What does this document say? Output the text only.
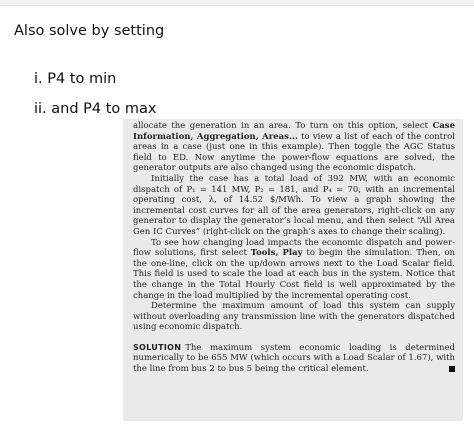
Also solve by setting

i. P4 to min

ii. and P4 to max

allocate the generation in an area. To turn on this option, select Case Information, Aggregation, Areas... to view a list of each of the control areas in a case (just one in this example). Then toggle the AGC Status field to ED. Now anytime the power-flow equations are solved, the generator outputs are also changed using the economic dispatch.

Initially the case has a total load of 392 MW, with an economic dispatch of P₁ = 141 MW, P₂ = 181, and P₄ = 70, with an incremental operating cost, λ, of 14.52 $/MWh. To view a graph showing the incremental cost curves for all of the area generators, right-click on any generator to display the generator’s local menu, and then select “All Area Gen IC Curves” (right-click on the graph’s axes to change their scaling).

To see how changing load impacts the economic dispatch and power-flow solutions, first select Tools, Play to begin the simulation. Then, on the one-line, click on the up/down arrows next to the Load Scalar field. This field is used to scale the load at each bus in the system. Notice that the change in the Total Hourly Cost field is well approximated by the change in the load multiplied by the incremental operating cost.

Determine the maximum amount of load this system can supply without overloading any transmission line with the generators dispatched using economic dispatch.

SOLUTION The maximum system economic loading is determined numerically to be 655 MW (which occurs with a Load Scalar of 1.67), with the line from bus 2 to bus 5 being the critical element.
